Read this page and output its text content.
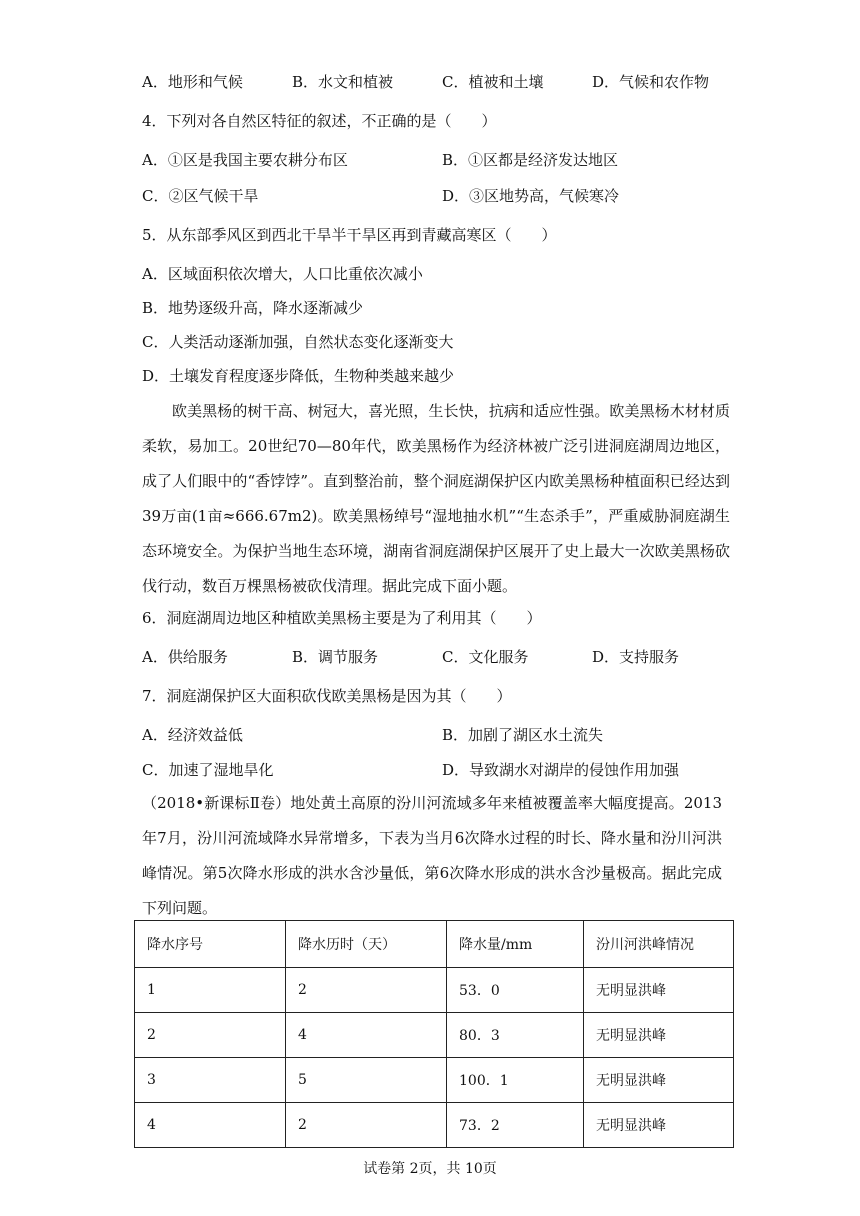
A．地形和气候	B．水文和植被	C．植被和土壤	D．气候和农作物
4．下列对各自然区特征的叙述，不正确的是（　　）
A．①区是我国主要农耕分布区	B．①区都是经济发达地区
C．②区气候干旱	D．③区地势高，气候寒冷
5．从东部季风区到西北干旱半干旱区再到青藏高寒区（　　）
A．区域面积依次增大，人口比重依次减小
B．地势逐级升高，降水逐渐减少
C．人类活动逐渐加强，自然状态变化逐渐变大
D．土壤发育程度逐步降低，生物种类越来越少
欧美黑杨的树干高、树冠大，喜光照，生长快，抗病和适应性强。欧美黑杨木材材质柔软，易加工。20世纪70—80年代，欧美黑杨作为经济林被广泛引进洞庭湖周边地区，成了人们眼中的“香饽饽”。直到整治前，整个洞庭湖保护区内欧美黑杨种植面积已经达到39万亩(1亩≈666.67m2)。欧美黑杨绰号“湿地抽水机”“生态杀手”，严重威胁洞庭湖生态环境安全。为保护当地生态环境，湖南省洞庭湖保护区展开了史上最大一次欧美黑杨砍伐行动，数百万棵黑杨被砍伐清理。据此完成下面小题。
6．洞庭湖周边地区种植欧美黑杨主要是为了利用其（　　）
A．供给服务	B．调节服务	C．文化服务	D．支持服务
7．洞庭湖保护区大面积砍伐欧美黑杨是因为其（　　）
A．经济效益低	B．加剧了湖区水土流失
C．加速了湿地旱化	D．导致湖水对湖岸的侵蚀作用加强
（2018•新课标Ⅱ卷）地处黄土高原的汾川河流域多年来植被覆盖率大幅度提高。2013年7月，汾川河流域降水异常增多，下表为当月6次降水过程的时长、降水量和汾川河洪峰情况。第5次降水形成的洪水含沙量低，第6次降水形成的洪水含沙量极高。据此完成下列问题。
降水序号	降水历时（天）	降水量/mm	汾川河洪峰情况
1	2	53．0	无明显洪峰
2	4	80．3	无明显洪峰
3	5	100．1	无明显洪峰
4	2	73．2	无明显洪峰
试卷第 2页，共 10页
